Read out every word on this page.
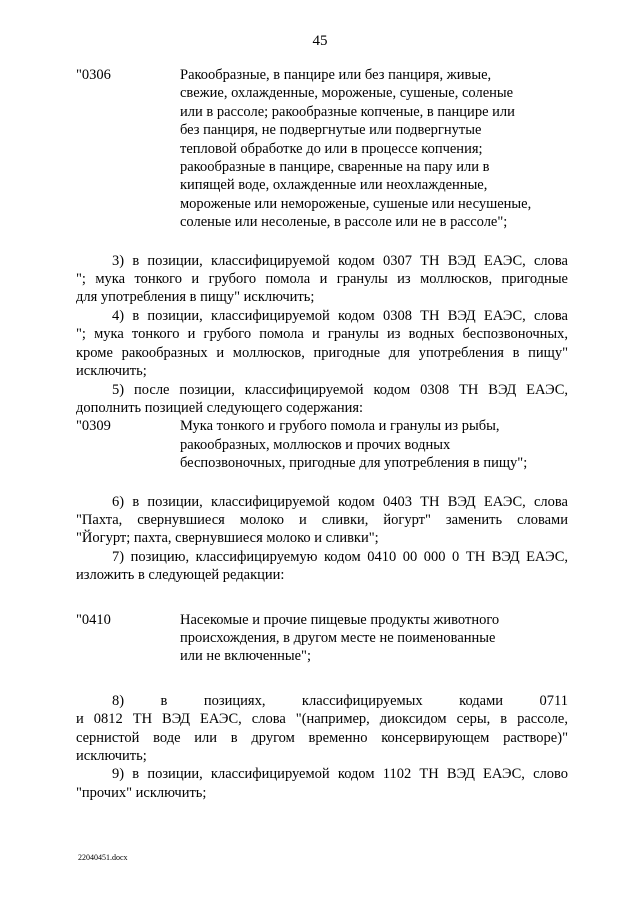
45
"0306	Ракообразные, в панцире или без панциря, живые,
свежие, охлажденные, мороженые, сушеные, соленые
или в рассоле; ракообразные копченые, в панцире или
без панциря, не подвергнутые или подвергнутые
тепловой обработке до или в процессе копчения;
ракообразные в панцире, сваренные на пару или в
кипящей воде, охлажденные или неохлажденные,
мороженые или немороженые, сушеные или несушеные,
соленые или несоленые, в рассоле или не в рассоле";
3) в позиции, классифицируемой кодом 0307 ТН ВЭД ЕАЭС, слова
"; мука тонкого и грубого помола и гранулы из моллюсков, пригодные
для употребления в пищу" исключить;
4) в позиции, классифицируемой кодом 0308 ТН ВЭД ЕАЭС, слова
"; мука тонкого и грубого помола и гранулы из водных беспозвоночных,
кроме ракообразных и моллюсков, пригодные для употребления в пищу"
исключить;
5) после позиции, классифицируемой кодом 0308 ТН ВЭД ЕАЭС,
дополнить позицией следующего содержания:
"0309	Мука тонкого и грубого помола и гранулы из рыбы,
ракообразных, моллюсков и прочих водных
беспозвоночных, пригодные для употребления в пищу";
6) в позиции, классифицируемой кодом 0403 ТН ВЭД ЕАЭС, слова
"Пахта, свернувшиеся молоко и сливки, йогурт" заменить словами
"Йогурт; пахта, свернувшиеся молоко и сливки";
7) позицию, классифицируемую кодом 0410 00 000 0 ТН ВЭД ЕАЭС,
изложить в следующей редакции:
"0410	Насекомые и прочие пищевые продукты животного
происхождения, в другом месте не поименованные
или не включенные";
8) в позициях, классифицируемых кодами 0711
и 0812 ТН ВЭД ЕАЭС, слова "(например, диоксидом серы, в рассоле,
сернистой воде или в другом временно консервирующем растворе)"
исключить;
9) в позиции, классифицируемой кодом 1102 ТН ВЭД ЕАЭС, слово
"прочих" исключить;
22040451.docx
